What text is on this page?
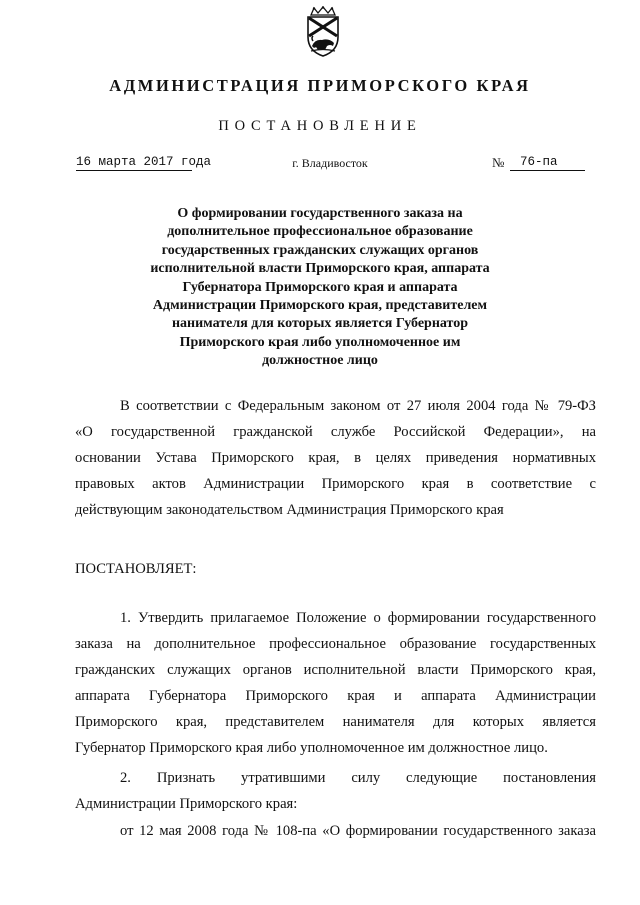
АДМИНИСТРАЦИЯ ПРИМОРСКОГО КРАЯ
ПОСТАНОВЛЕНИЕ
16 марта 2017 года	г. Владивосток	№	76-па
О формировании государственного заказа на
дополнительное профессиональное образование
государственных гражданских служащих органов
исполнительной власти Приморского края, аппарата
Губернатора Приморского края и аппарата
Администрации Приморского края, представителем
нанимателя для которых является Губернатор
Приморского края либо уполномоченное им
должностное лицо
В соответствии с Федеральным законом от 27 июля 2004 года № 79-ФЗ
«О государственной гражданской службе Российской Федерации», на
основании Устава Приморского края, в целях приведения нормативных
правовых актов Администрации Приморского края в соответствие с
действующим законодательством Администрация Приморского края
ПОСТАНОВЛЯЕТ:
1. Утвердить прилагаемое Положение о формировании государственного
заказа на дополнительное профессиональное образование государственных
гражданских служащих органов исполнительной власти Приморского края,
аппарата Губернатора Приморского края и аппарата Администрации
Приморского края, представителем нанимателя для которых является
Губернатор Приморского края либо уполномоченное им должностное лицо.
2. Признать утратившими силу следующие постановления
Администрации Приморского края:
от 12 мая 2008 года № 108-па «О формировании государственного заказа
